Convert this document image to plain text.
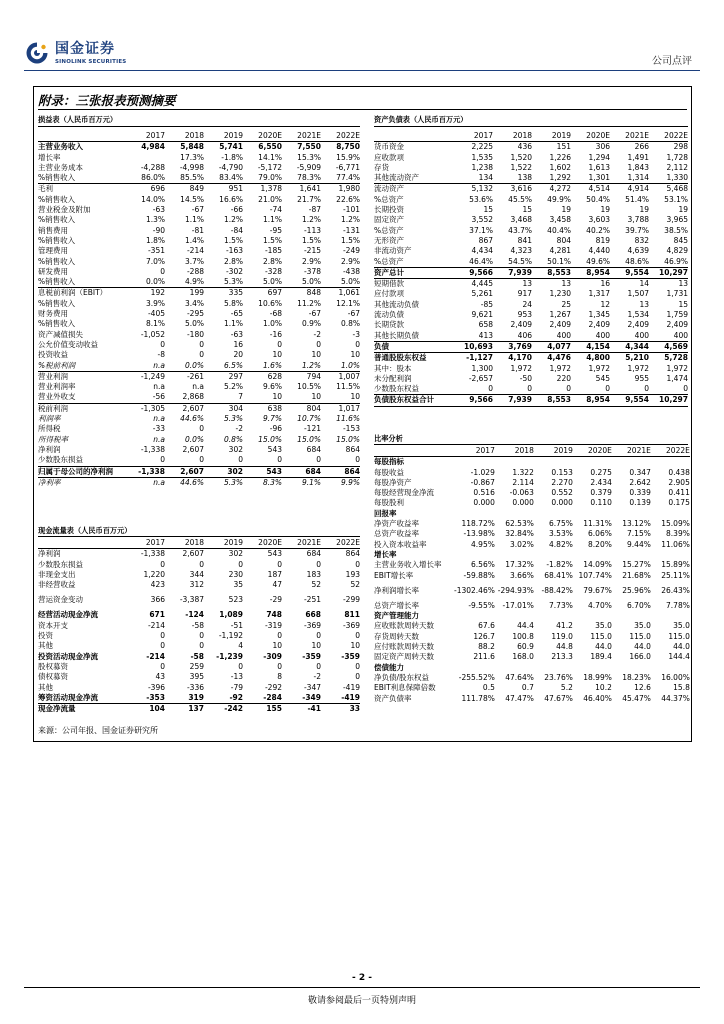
国金证券
SINOLINK SECURITIES	公司点评
附录：三张报表预测摘要
损益表（人民币百万元）
	2017	2018	2019	2020E	2021E	2022E
主营业务收入	4,984	5,848	5,741	6,550	7,550	8,750
增长率		17.3%	-1.8%	14.1%	15.3%	15.9%
主营业务成本	-4,288	-4,998	-4,790	-5,172	-5,909	-6,771
%销售收入	86.0%	85.5%	83.4%	79.0%	78.3%	77.4%
毛利	696	849	951	1,378	1,641	1,980
%销售收入	14.0%	14.5%	16.6%	21.0%	21.7%	22.6%
营业税金及附加	-63	-67	-66	-74	-87	-101
%销售收入	1.3%	1.1%	1.2%	1.1%	1.2%	1.2%
销售费用	-90	-81	-84	-95	-113	-131
%销售收入	1.8%	1.4%	1.5%	1.5%	1.5%	1.5%
管理费用	-351	-214	-163	-185	-215	-249
%销售收入	7.0%	3.7%	2.8%	2.8%	2.9%	2.9%
研发费用	0	-288	-302	-328	-378	-438
%销售收入	0.0%	4.9%	5.3%	5.0%	5.0%	5.0%
息税前利润（EBIT）	192	199	335	697	848	1,061
%销售收入	3.9%	3.4%	5.8%	10.6%	11.2%	12.1%
财务费用	-405	-295	-65	-68	-67	-67
%销售收入	8.1%	5.0%	1.1%	1.0%	0.9%	0.8%
资产减值损失	-1,052	-180	-63	-16	-2	-3
公允价值变动收益	0	0	16	0	0	0
投资收益	-8	0	20	10	10	10
%税前利润	n.a	0.0%	6.5%	1.6%	1.2%	1.0%
营业利润	-1,249	-261	297	628	794	1,007
营业利润率	n.a	n.a	5.2%	9.6%	10.5%	11.5%
营业外收支	-56	2,868	7	10	10	10
税前利润	-1,305	2,607	304	638	804	1,017
利润率	n.a	44.6%	5.3%	9.7%	10.7%	11.6%
所得税	-33	0	-2	-96	-121	-153
所得税率	n.a	0.0%	0.8%	15.0%	15.0%	15.0%
净利润	-1,338	2,607	302	543	684	864
少数股东损益	0	0	0	0	0	0
归属于母公司的净利润	-1,338	2,607	302	543	684	864
净利率	n.a	44.6%	5.3%	8.3%	9.1%	9.9%
现金流量表（人民币百万元）
	2017	2018	2019	2020E	2021E	2022E
净利润	-1,338	2,607	302	543	684	864
少数股东损益	0	0	0	0	0	0
非现金支出	1,220	344	230	187	183	193
非经营收益	423	312	35	47	52	52
营运资金变动	366	-3,387	523	-29	-251	-299
经营活动现金净流	671	-124	1,089	748	668	811
资本开支	-214	-58	-51	-319	-369	-369
投资	0	0	-1,192	0	0	0
其他	0	0	4	10	10	10
投资活动现金净流	-214	-58	-1,239	-309	-359	-359
股权募资	0	259	0	0	0	0
债权募资	43	395	-13	8	-2	0
其他	-396	-336	-79	-292	-347	-419
筹资活动现金净流	-353	319	-92	-284	-349	-419
现金净流量	104	137	-242	155	-41	33
资产负债表（人民币百万元）
	2017	2018	2019	2020E	2021E	2022E
货币资金	2,225	436	151	306	266	298
应收款项	1,535	1,520	1,226	1,294	1,491	1,728
存货	1,238	1,522	1,602	1,613	1,843	2,112
其他流动资产	134	138	1,292	1,301	1,314	1,330
流动资产	5,132	3,616	4,272	4,514	4,914	5,468
%总资产	53.6%	45.5%	49.9%	50.4%	51.4%	53.1%
长期投资	15	15	19	19	19	19
固定资产	3,552	3,468	3,458	3,603	3,788	3,965
%总资产	37.1%	43.7%	40.4%	40.2%	39.7%	38.5%
无形资产	867	841	804	819	832	845
非流动资产	4,434	4,323	4,281	4,440	4,639	4,829
%总资产	46.4%	54.5%	50.1%	49.6%	48.6%	46.9%
资产总计	9,566	7,939	8,553	8,954	9,554	10,297
短期借款	4,445	13	13	16	14	13
应付款项	5,261	917	1,230	1,317	1,507	1,731
其他流动负债	-85	24	25	12	13	15
流动负债	9,621	953	1,267	1,345	1,534	1,759
长期贷款	658	2,409	2,409	2,409	2,409	2,409
其他长期负债	413	406	400	400	400	400
负债	10,693	3,769	4,077	4,154	4,344	4,569
普通股股东权益	-1,127	4,170	4,476	4,800	5,210	5,728
其中：股本	1,300	1,972	1,972	1,972	1,972	1,972
未分配利润	-2,657	-50	220	545	955	1,474
少数股东权益	0	0	0	0	0	0
负债股东权益合计	9,566	7,939	8,553	8,954	9,554	10,297
比率分析
	2017	2018	2019	2020E	2021E	2022E
每股指标						
每股收益	-1.029	1.322	0.153	0.275	0.347	0.438
每股净资产	-0.867	2.114	2.270	2.434	2.642	2.905
每股经营现金净流	0.516	-0.063	0.552	0.379	0.339	0.411
每股股利	0.000	0.000	0.000	0.110	0.139	0.175
回报率						
净资产收益率	118.72%	62.53%	6.75%	11.31%	13.12%	15.09%
总资产收益率	-13.98%	32.84%	3.53%	6.06%	7.15%	8.39%
投入资本收益率	4.95%	3.02%	4.82%	8.20%	9.44%	11.06%
增长率						
主营业务收入增长率	6.56%	17.32%	-1.82%	14.09%	15.27%	15.89%
EBIT增长率	-59.88%	3.66%	68.41%	107.74%	21.68%	25.11%
净利润增长率	-1302.46%	-294.93%	-88.42%	79.67%	25.96%	26.43%
总资产增长率	-9.55%	-17.01%	7.73%	4.70%	6.70%	7.78%
资产管理能力						
应收账款周转天数	67.6	44.4	41.2	35.0	35.0	35.0
存货周转天数	126.7	100.8	119.0	115.0	115.0	115.0
应付账款周转天数	88.2	60.9	44.8	44.0	44.0	44.0
固定资产周转天数	211.6	168.0	213.3	189.4	166.0	144.4
偿债能力						
净负债/股东权益	-255.52%	47.64%	23.76%	18.99%	18.23%	16.00%
EBIT利息保障倍数	0.5	0.7	5.2	10.2	12.6	15.8
资产负债率	111.78%	47.47%	47.67%	46.40%	45.47%	44.37%
来源：公司年报、国金证券研究所
- 2 -
敬请参阅最后一页特别声明
